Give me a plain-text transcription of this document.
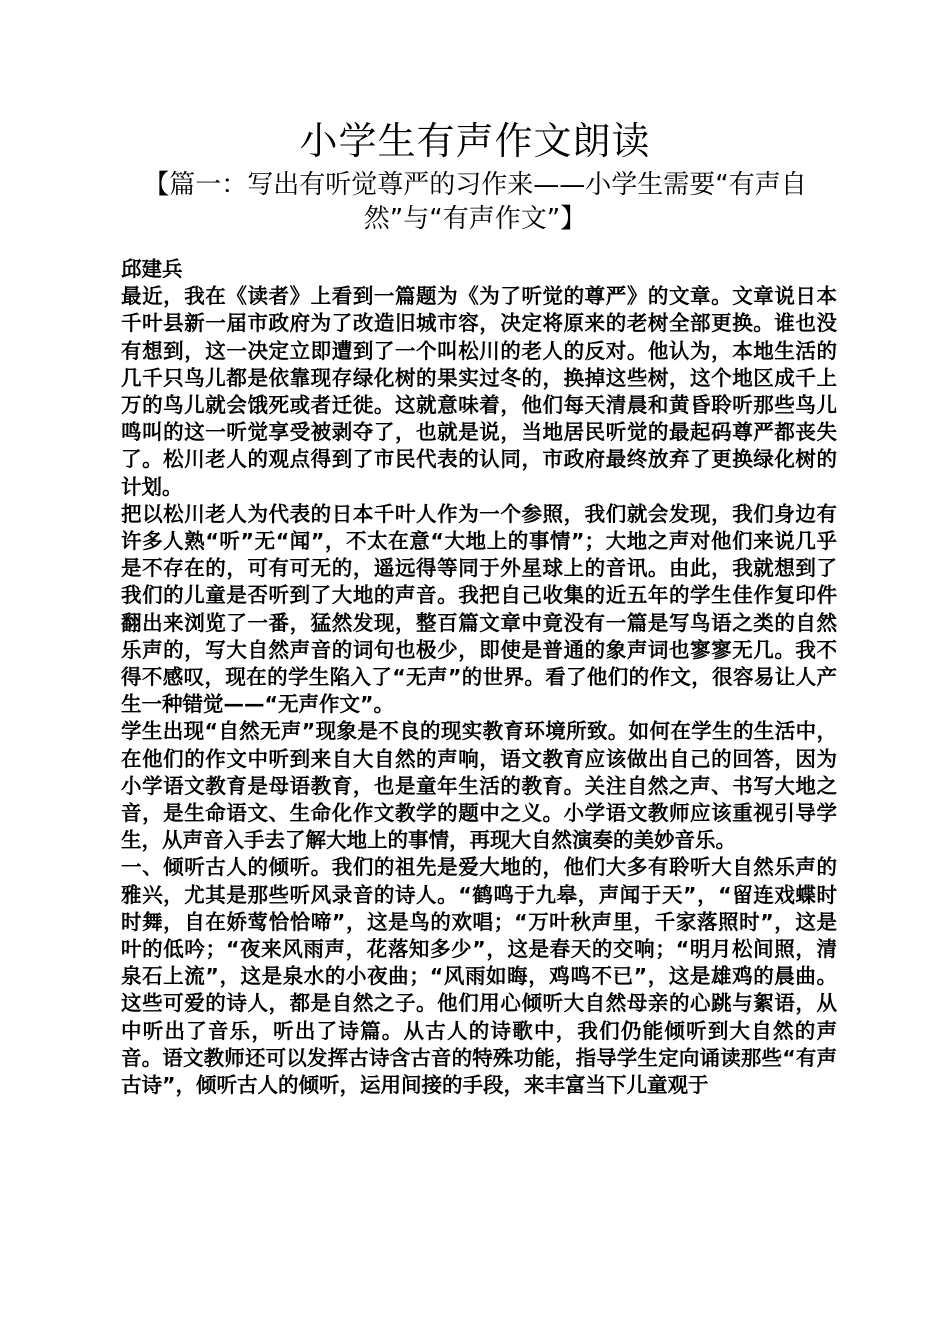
小学生有声作文朗读
【篇一：写出有听觉尊严的习作来——小学生需要“有声自然”与“有声作文”】

邱建兵

最近，我在《读者》上看到一篇题为《为了听觉的尊严》的文章。文章说日本千叶县新一届市政府为了改造旧城市容，决定将原来的老树全部更换。谁也没有想到，这一决定立即遭到了一个叫松川的老人的反对。他认为，本地生活的几千只鸟儿都是依靠现存绿化树的果实过冬的，换掉这些树，这个地区成千上万的鸟儿就会饿死或者迁徙。这就意味着，他们每天清晨和黄昏聆听那些鸟儿鸣叫的这一听觉享受被剥夺了，也就是说，当地居民听觉的最起码尊严都丧失了。松川老人的观点得到了市民代表的认同，市政府最终放弃了更换绿化树的计划。

把以松川老人为代表的日本千叶人作为一个参照，我们就会发现，我们身边有许多人熟“听”无“闻”，不太在意“大地上的事情”；大地之声对他们来说几乎是不存在的，可有可无的，遥远得等同于外星球上的音讯。由此，我就想到了我们的儿童是否听到了大地的声音。我把自己收集的近五年的学生佳作复印件翻出来浏览了一番，猛然发现，整百篇文章中竟没有一篇是写鸟语之类的自然乐声的，写大自然声音的词句也极少，即使是普通的象声词也寥寥无几。我不得不感叹，现在的学生陷入了“无声”的世界。看了他们的作文，很容易让人产生一种错觉——“无声作文”。

学生出现“自然无声”现象是不良的现实教育环境所致。如何在学生的生活中，在他们的作文中听到来自大自然的声响，语文教育应该做出自己的回答，因为小学语文教育是母语教育，也是童年生活的教育。关注自然之声、书写大地之音，是生命语文、生命化作文教学的题中之义。小学语文教师应该重视引导学生，从声音入手去了解大地上的事情，再现大自然演奏的美妙音乐。

一、倾听古人的倾听。我们的祖先是爱大地的，他们大多有聆听大自然乐声的雅兴，尤其是那些听风录音的诗人。“鹤鸣于九皋，声闻于天”，“留连戏蝶时时舞，自在娇莺恰恰啼”，这是鸟的欢唱；“万叶秋声里，千家落照时”，这是叶的低吟；“夜来风雨声，花落知多少”，这是春天的交响；“明月松间照，清泉石上流”，这是泉水的小夜曲；“风雨如晦，鸡鸣不已”，这是雄鸡的晨曲。这些可爱的诗人，都是自然之子。他们用心倾听大自然母亲的心跳与絮语，从中听出了音乐，听出了诗篇。从古人的诗歌中，我们仍能倾听到大自然的声音。语文教师还可以发挥古诗含古音的特殊功能，指导学生定向诵读那些“有声古诗”，倾听古人的倾听，运用间接的手段，来丰富当下儿童观于
